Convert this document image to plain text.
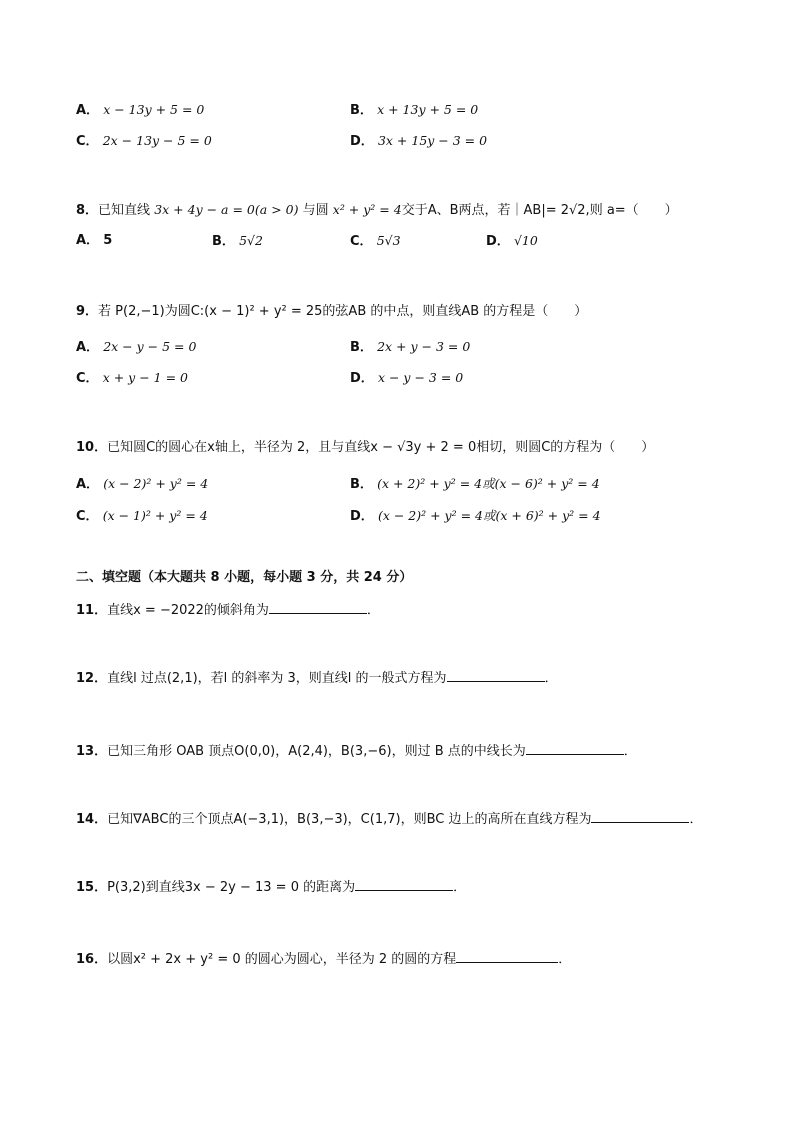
A． x − 13y + 5 = 0	B． x + 13y + 5 = 0
C． 2x − 13y − 5 = 0	D． 3x + 15y − 3 = 0
8．已知直线 3x + 4y − a = 0(a > 0) 与圆 x² + y² = 4交于A、B两点，若｜AB|= 2√2,则 a=（　　）
A． 5	B． 5√2	C． 5√3	D． √10
9．若 P(2,−1)为圆C:(x − 1)² + y² = 25的弦AB 的中点，则直线AB 的方程是（　　）
A． 2x − y − 5 = 0	B． 2x + y − 3 = 0
C． x + y − 1 = 0	D． x − y − 3 = 0
10．已知圆C的圆心在x轴上，半径为 2，且与直线x − √3y + 2 = 0相切，则圆C的方程为（　　）
A． (x − 2)² + y² = 4	B． (x + 2)² + y² = 4或(x − 6)² + y² = 4
C． (x − 1)² + y² = 4	D． (x − 2)² + y² = 4或(x + 6)² + y² = 4
二、填空题（本大题共 8 小题，每小题 3 分，共 24 分）
11．直线x = −2022的倾斜角为	．
12．直线l 过点(2,1)，若l 的斜率为 3，则直线l 的一般式方程为	．
13．已知三角形 OAB 顶点O(0,0)，A(2,4)，B(3,−6)，则过 B 点的中线长为	．
14．已知∇ABC的三个顶点A(−3,1)，B(3,−3)，C(1,7)，则BC 边上的高所在直线方程为	．
15．P(3,2)到直线3x − 2y − 13 = 0 的距离为	．
16．以圆x² + 2x + y² = 0 的圆心为圆心，半径为 2 的圆的方程	．
